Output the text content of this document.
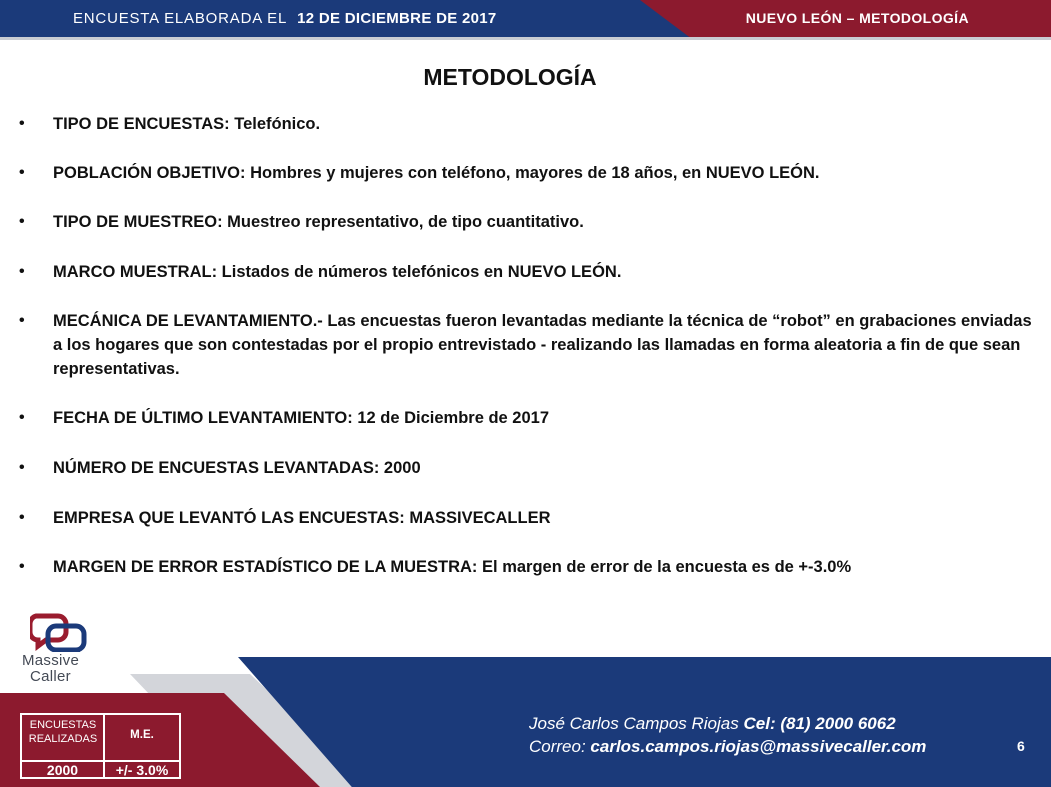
ENCUESTA ELABORADA EL 12 DE DICIEMBRE DE 2017	NUEVO LEÓN – METODOLOGÍA
METODOLOGÍA
• TIPO DE ENCUESTAS: Telefónico.
• POBLACIÓN OBJETIVO: Hombres y mujeres con teléfono, mayores de 18 años, en NUEVO LEÓN.
• TIPO DE MUESTREO: Muestreo representativo, de tipo cuantitativo.
• MARCO MUESTRAL: Listados de números telefónicos en NUEVO LEÓN.
• MECÁNICA DE LEVANTAMIENTO.- Las encuestas fueron levantadas mediante la técnica de “robot” en grabaciones enviadas a los hogares que son contestadas por el propio entrevistado - realizando las llamadas en forma aleatoria a fin de que sean representativas.
• FECHA DE ÚLTIMO LEVANTAMIENTO: 12 de Diciembre de 2017
• NÚMERO DE ENCUESTAS LEVANTADAS: 2000
• EMPRESA QUE LEVANTÓ LAS ENCUESTAS: MASSIVECALLER
• MARGEN DE ERROR ESTADÍSTICO DE LA MUESTRA: El margen de error de la encuesta es de +-3.0%
Massive
Caller
ENCUESTAS REALIZADAS	M.E.
2000	+/- 3.0%
José Carlos Campos Riojas Cel: (81) 2000 6062
Correo: carlos.campos.riojas@massivecaller.com	6
